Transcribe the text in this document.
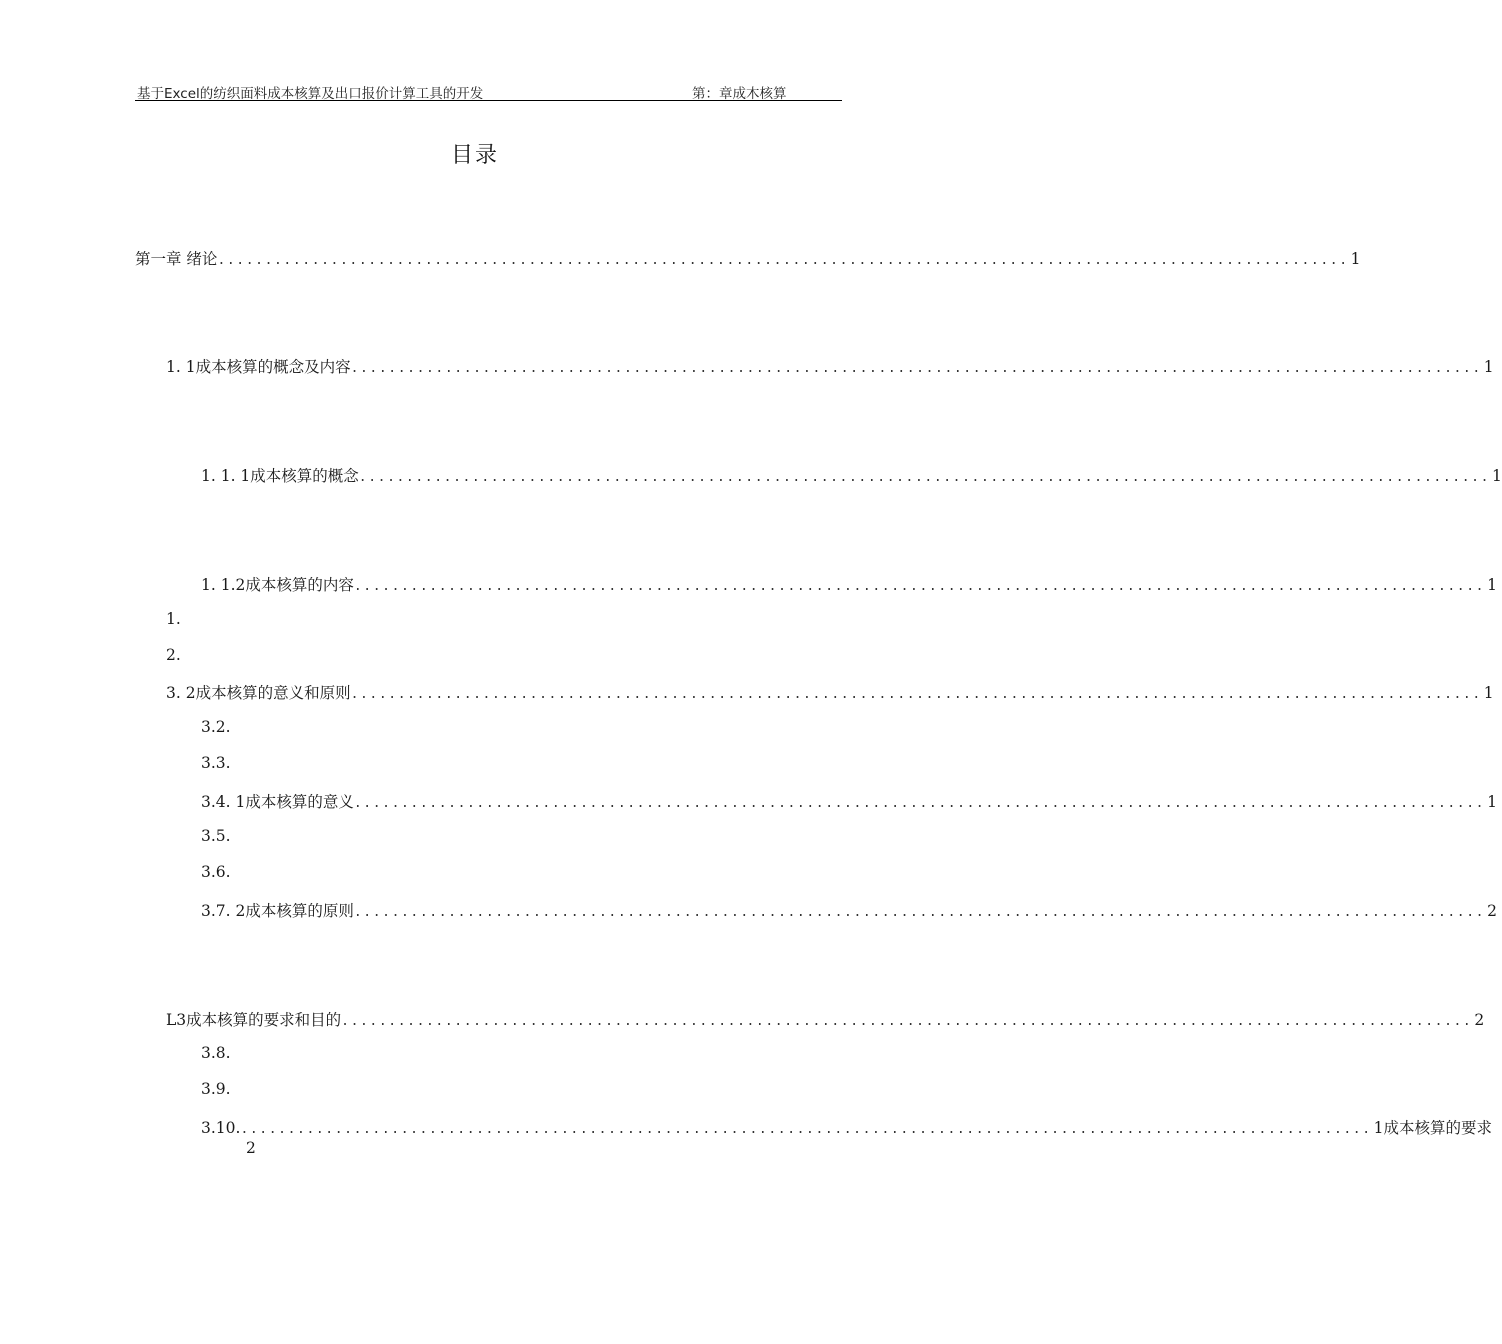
基于Excel的纺织面料成本核算及出口报价计算工具的开发	第：章成木核算
目录
第一章 绪论 ........................................................................................................................ 1
1. 1成本核算的概念及内容 ........................................................................................................................ 1
1. 1. 1成本核算的概念 ........................................................................................................................ 1
1. 1.2成本核算的内容 ........................................................................................................................ 1
1.
2.
3. 2成本核算的意义和原则 ........................................................................................................................ 1
3.2.
3.3.
3.4. 1成本核算的意义 ........................................................................................................................ 1
3.5.
3.6.
3.7. 2成本核算的原则 ........................................................................................................................ 2
L3成本核算的要求和目的 ........................................................................................................................ 2
3.8.
3.9.
3.10. ........................................................................................................................ 1成本核算的要求
2
